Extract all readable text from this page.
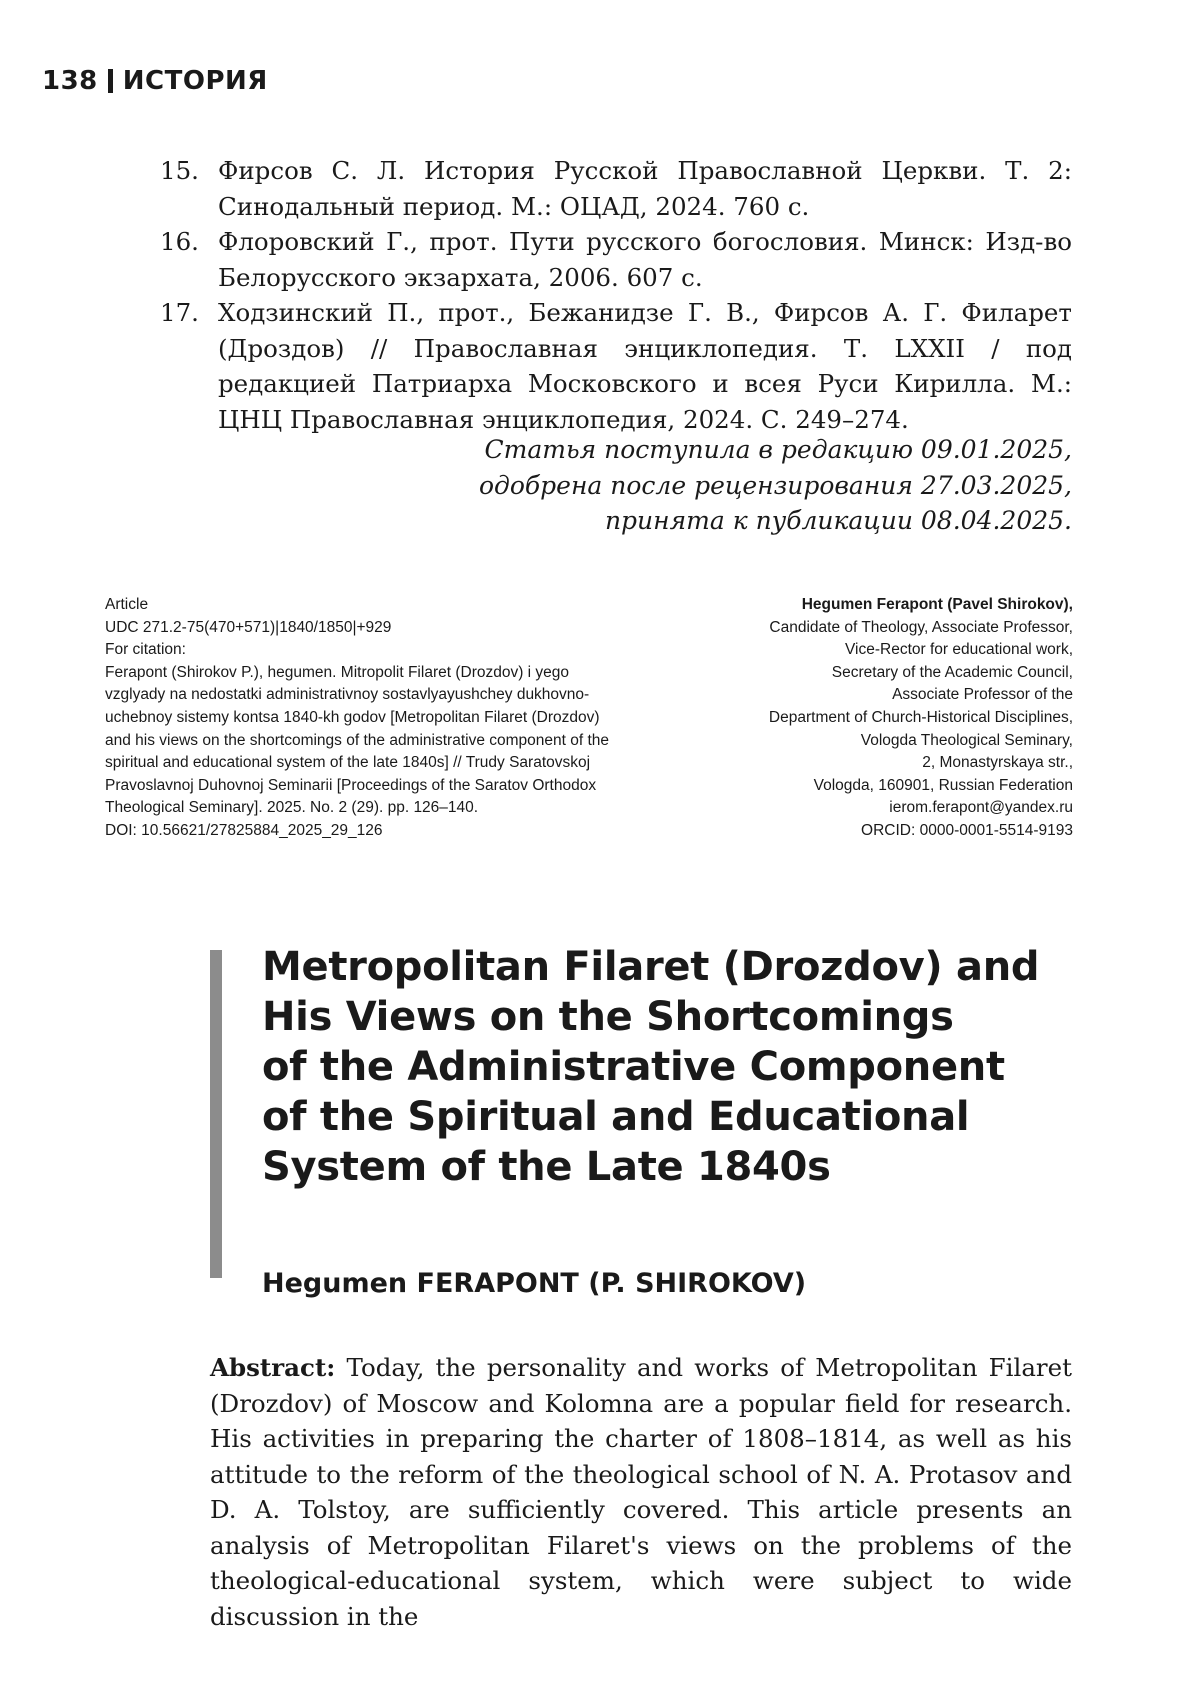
138 ИСТОРИЯ
15. Фирсов С. Л. История Русской Православной Церкви. Т. 2: Синодальный период. М.: ОЦАД, 2024. 760 с.
16. Флоровский Г., прот. Пути русского богословия. Минск: Изд-во Белорусского экзархата, 2006. 607 с.
17. Ходзинский П., прот., Бежанидзе Г. В., Фирсов А. Г. Филарет (Дроздов) // Православная энциклопедия. Т. LXXII / под редакцией Патриарха Московского и всея Руси Кирилла. М.: ЦНЦ Православная энциклопедия, 2024. С. 249–274.
Статья поступила в редакцию 09.01.2025,
одобрена после рецензирования 27.03.2025,
принята к публикации 08.04.2025.
Article
UDC 271.2-75(470+571)|1840/1850|+929
For citation:
Ferapont (Shirokov P.), hegumen. Mitropolit Filaret (Drozdov) i yego vzglyady na nedostatki administrativnoy sostavlyayushchey dukhovno-uchebnoy sistemy kontsa 1840-kh godov [Metropolitan Filaret (Drozdov) and his views on the shortcomings of the administrative component of the spiritual and educational system of the late 1840s] // Trudy Saratovskoj Pravoslavnoj Duhovnoj Seminarii [Proceedings of the Saratov Orthodox Theological Seminary]. 2025. No. 2 (29). pp. 126–140.
DOI: 10.56621/27825884_2025_29_126
Hegumen Ferapont (Pavel Shirokov),
Candidate of Theology, Associate Professor,
Vice-Rector for educational work,
Secretary of the Academic Council,
Associate Professor of the
Department of Church-Historical Disciplines,
Vologda Theological Seminary,
2, Monastyrskaya str.,
Vologda, 160901, Russian Federation
ierom.ferapont@yandex.ru
ORCID: 0000-0001-5514-9193
Metropolitan Filaret (Drozdov) and
His Views on the Shortcomings
of the Administrative Component
of the Spiritual and Educational
System of the Late 1840s
Hegumen FERAPONT (P. SHIROKOV)
Abstract: Today, the personality and works of Metropolitan Filaret (Drozdov) of Moscow and Kolomna are a popular field for research. His activities in preparing the charter of 1808–1814, as well as his attitude to the reform of the theological school of N. A. Protasov and D. A. Tolstoy, are sufficiently covered. This article presents an analysis of Metropolitan Filaret's views on the problems of the theological-educational system, which were subject to wide discussion in the
